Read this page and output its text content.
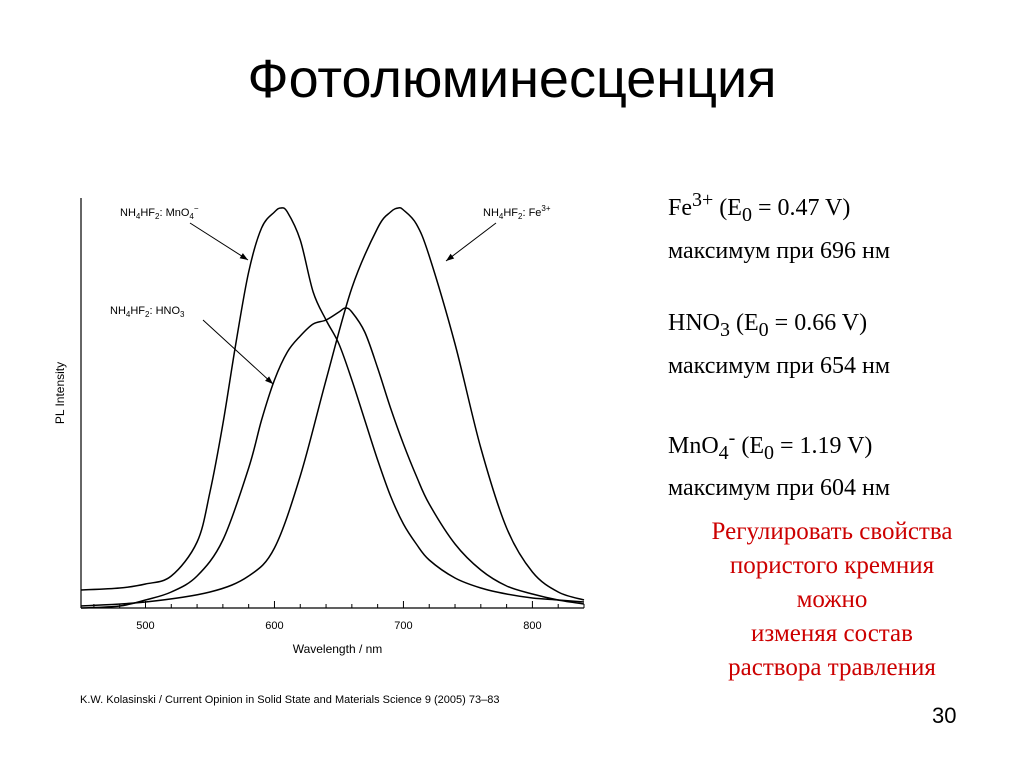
Фотолюминесценция
500	600	700	800
Wavelength / nm
PL Intensity
$NH_4HF_2$: MnO$_4$−
$NH_4HF_2$: $HNO_3$
$NH_4HF_2$: $Fe^{3+}$	$Fe^{3+}$ ($E_0 = 0.47$ V)
максимум при 696 нм
$HNO_3$ ($E_0 = 0.66$ V)
максимум при 654 нм
MnO$_4$- ($E_0 = 1.19$ V)
максимум при 604 нм
Регулировать свойства
пористого кремния
можно
изменяя состав
раствора травления
K.W. Kolasinski / Current Opinion in Solid State and Materials Science 9 (2005) 73–83
30
